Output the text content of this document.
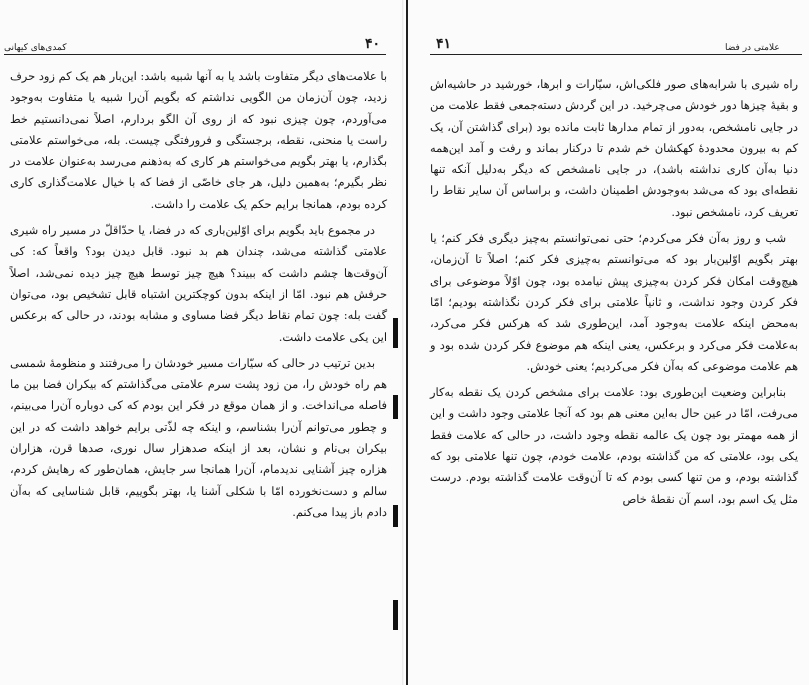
۴۰
کمدی‌های کیهانی

با علامت‌های دیگر متفاوت باشد یا به آنها شبیه باشد: این‌بار هم یک کم زود حرف زدید، چون آن‌زمان من الگویی نداشتم که بگویم آن‌را شبیه یا متفاوت به‌وجود می‌آوردم، چون چیزی نبود که از روی آن الگو بردارم، اصلاً نمی‌دانستیم خط راست یا منحنی، نقطه، برجستگی و فرورفتگی چیست. بله، می‌خواستم علامتی بگذارم، یا بهتر بگویم می‌خواستم هر کاری که به‌ذهنم می‌رسد به‌عنوان علامت در نظر بگیرم؛ به‌همین دلیل، هر جای خاصّی از فضا که با خیال علامت‌گذاری کاری کرده بودم، همانجا برایم حکم یک علامت را داشت.

در مجموع باید بگویم برای اوّلین‌باری که در فضا، یا حدّاقلّ در مسیر راه شیری علامتی گذاشته می‌شد، چندان هم بد نبود. قابل دیدن بود؟ واقعاً که: کی آن‌وقت‌ها چشم داشت که ببیند؟ هیچ چیز توسط هیچ چیز دیده نمی‌شد، اصلاً حرفش هم نبود. امّا از اینکه بدون کوچکترین اشتباه قابل تشخیص بود، می‌توان گفت بله: چون تمام نقاط دیگر فضا مساوی و مشابه بودند، در حالی که برعکس این یکی علامت داشت.

بدین ترتیب در حالی که سیّارات مسیر خودشان را می‌رفتند و منظومهٔ شمسی هم راه خودش را، من زود پشت سرم علامتی می‌گذاشتم که بیکران فضا بین ما فاصله می‌انداخت. و از همان موقع در فکر این بودم که کی دوباره آن‌را می‌بینم، و چطور می‌توانم آن‌را بشناسم، و اینکه چه لذّتی برایم خواهد داشت که در این بیکران بی‌نام و نشان، بعد از اینکه صدهزار سال نوری، صدها قرن، هزاران هزاره چیز آشنایی ندیدمام، آن‌را همانجا سر جایش، همان‌طور که رهایش کردم، سالم و دست‌نخورده امّا با شکلی آشنا یا، بهتر بگوییم، قابل شناسایی که به‌آن دادم باز پیدا می‌کنم.

۴۱	علامتی در فضا

راه شیری با شرابه‌های صور فلکی‌اش، سیّارات و ابرها، خورشید در حاشیه‌اش و بقیهٔ چیزها دور خودش می‌چرخید. در این گردش دسته‌جمعی فقط علامت من در جایی نامشخص، به‌دور از تمام مدارها ثابت مانده بود (برای گذاشتن آن، یک کم به بیرون محدودهٔ کهکشان خم شدم تا درکنار بماند و رفت و آمد این‌همه دنیا به‌آن کاری نداشته باشد)، در جایی نامشخص که دیگر به‌دلیل آنکه تنها نقطه‌ای بود که می‌شد به‌وجودش اطمینان داشت، و براساس آن سایر نقاط را تعریف کرد، نامشخص نبود.

شب و روز به‌آن فکر می‌کردم؛ حتی نمی‌توانستم به‌چیز دیگری فکر کنم؛ یا بهتر بگویم اوّلین‌بار بود که می‌توانستم به‌چیزی فکر کنم؛ اصلاً تا آن‌زمان، هیچ‌وقت امکان فکر کردن به‌چیزی پیش نیامده بود، چون اوّلاً موضوعی برای فکر کردن وجود نداشت، و ثانیاً علامتی برای فکر کردن نگذاشته بودیم؛ امّا به‌محض اینکه علامت به‌وجود آمد، این‌طوری شد که هرکس فکر می‌کرد، به‌علامت فکر می‌کرد و برعکس، یعنی اینکه هم موضوع فکر کردن شده بود و هم علامت موضوعی که به‌آن فکر می‌کردیم؛ یعنی خودش.

بنابراین وضعیت این‌طوری بود: علامت برای مشخص کردن یک نقطه به‌کار می‌رفت، امّا در عین حال به‌این معنی هم بود که آنجا علامتی وجود داشت و این از همه مهمتر بود چون یک عالمه نقطه وجود داشت، در حالی که علامت فقط یکی بود، علامتی که من گذاشته بودم، علامت خودم، چون تنها علامتی بود که گذاشته بودم، و من تنها کسی بودم که تا آن‌وقت علامت گذاشته بودم. درست مثل یک اسم بود، اسم آن نقطهٔ خاص
